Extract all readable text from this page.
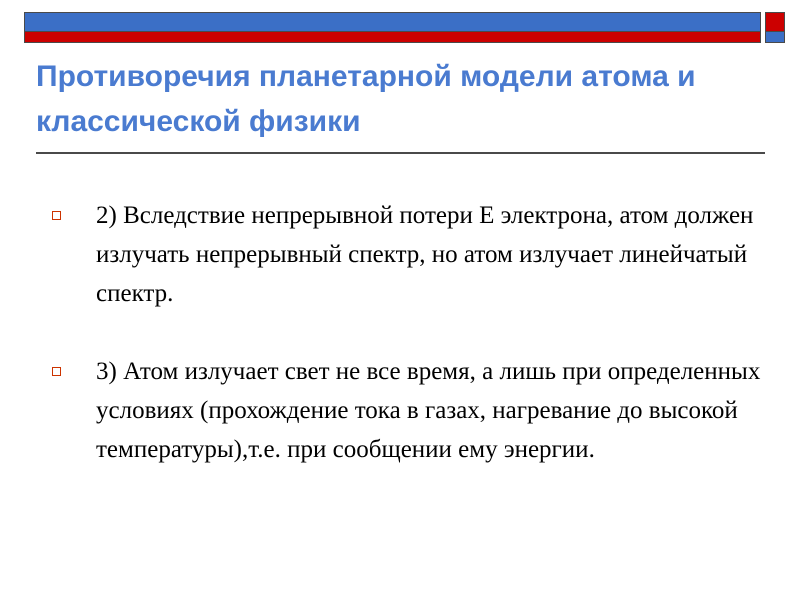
Противоречия планетарной модели атома и классической физики
2) Вследствие непрерывной потери Е электрона, атом должен излучать непрерывный спектр, но атом излучает линейчатый спектр.
3) Атом излучает свет не все время, а лишь при определенных условиях (прохождение тока в газах, нагревание до высокой температуры),т.е. при сообщении ему энергии.
